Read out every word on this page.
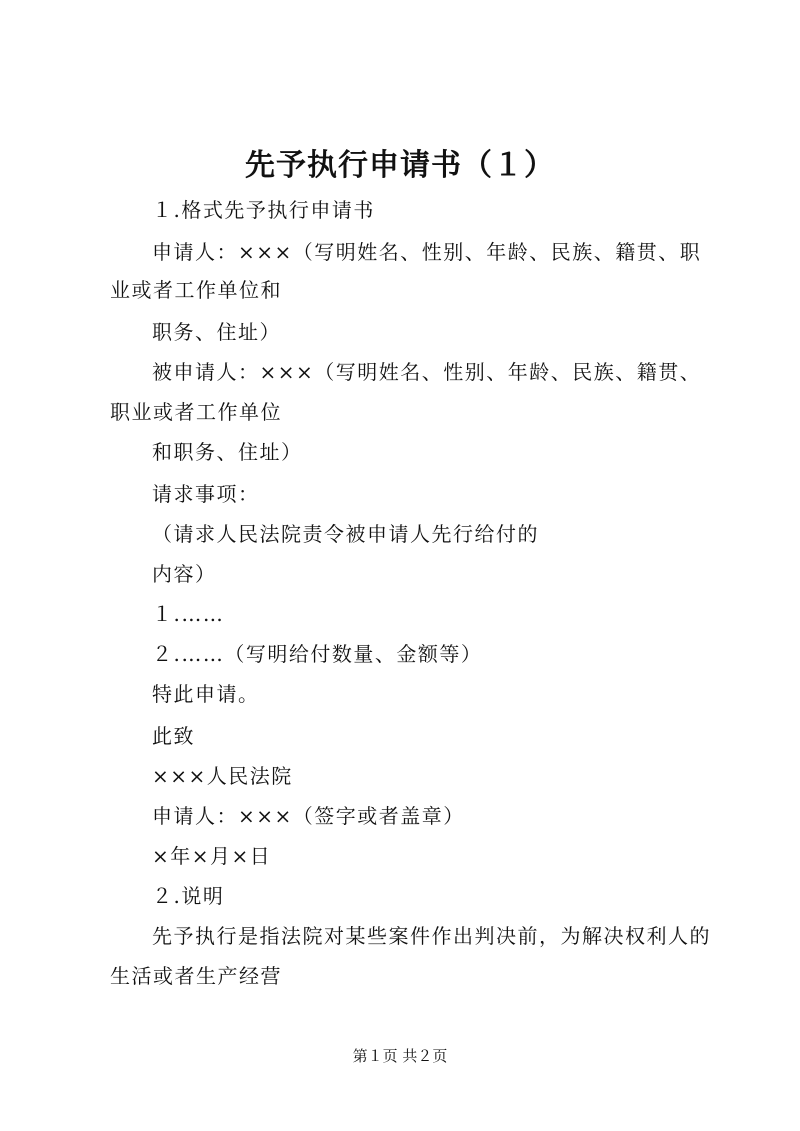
先予执行申请书（１）
１.格式先予执行申请书
申请人：×××（写明姓名、性别、年龄、民族、籍贯、职
业或者工作单位和
职务、住址）
被申请人：×××（写明姓名、性别、年龄、民族、籍贯、
职业或者工作单位
和职务、住址）
请求事项：
（请求人民法院责令被申请人先行给付的
内容）
１.……
２.……（写明给付数量、金额等）
特此申请。
此致
×××人民法院
申请人：×××（签字或者盖章）
×年×月×日
２.说明
先予执行是指法院对某些案件作出判决前，为解决权利人的
生活或者生产经营
第１页 共２页
